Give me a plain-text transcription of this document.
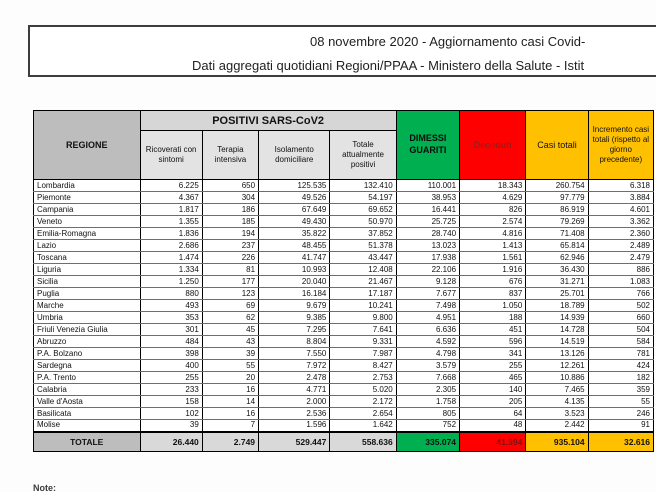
08 novembre 2020 - Aggiornamento casi Covid-
Dati aggregati quotidiani Regioni/PPAA - Ministero della Salute - Istit
REGIONE	POSITIVI SARS-CoV2				DIMESSI GUARITI	Deceduti	Casi totali	Incremento casi totali (rispetto al giorno precedente)
	Ricoverati con sintomi	Terapia intensiva	Isolamento domiciliare	Totale attualmente positivi				
Lombardia	6.225	650	125.535	132.410	110.001	18.343	260.754	6.318
Piemonte	4.367	304	49.526	54.197	38.953	4.629	97.779	3.884
Campania	1.817	186	67.649	69.652	16.441	826	86.919	4.601
Veneto	1.355	185	49.430	50.970	25.725	2.574	79.269	3.362
Emilia-Romagna	1.836	194	35.822	37.852	28.740	4.816	71.408	2.360
Lazio	2.686	237	48.455	51.378	13.023	1.413	65.814	2.489
Toscana	1.474	226	41.747	43.447	17.938	1.561	62.946	2.479
Liguria	1.334	81	10.993	12.408	22.106	1.916	36.430	886
Sicilia	1.250	177	20.040	21.467	9.128	676	31.271	1.083
Puglia	880	123	16.184	17.187	7.677	837	25.701	766
Marche	493	69	9.679	10.241	7.498	1.050	18.789	502
Umbria	353	62	9.385	9.800	4.951	188	14.939	660
Friuli Venezia Giulia	301	45	7.295	7.641	6.636	451	14.728	504
Abruzzo	484	43	8.804	9.331	4.592	596	14.519	584
P.A. Bolzano	398	39	7.550	7.987	4.798	341	13.126	781
Sardegna	400	55	7.972	8.427	3.579	255	12.261	424
P.A. Trento	255	20	2.478	2.753	7.668	465	10.886	182
Calabria	233	16	4.771	5.020	2.305	140	7.465	359
Valle d'Aosta	158	14	2.000	2.172	1.758	205	4.135	55
Basilicata	102	16	2.536	2.654	805	64	3.523	246
Molise	39	7	1.596	1.642	752	48	2.442	91
TOTALE	26.440	2.749	529.447	558.636	335.074	41.394	935.104	32.616
Note:
